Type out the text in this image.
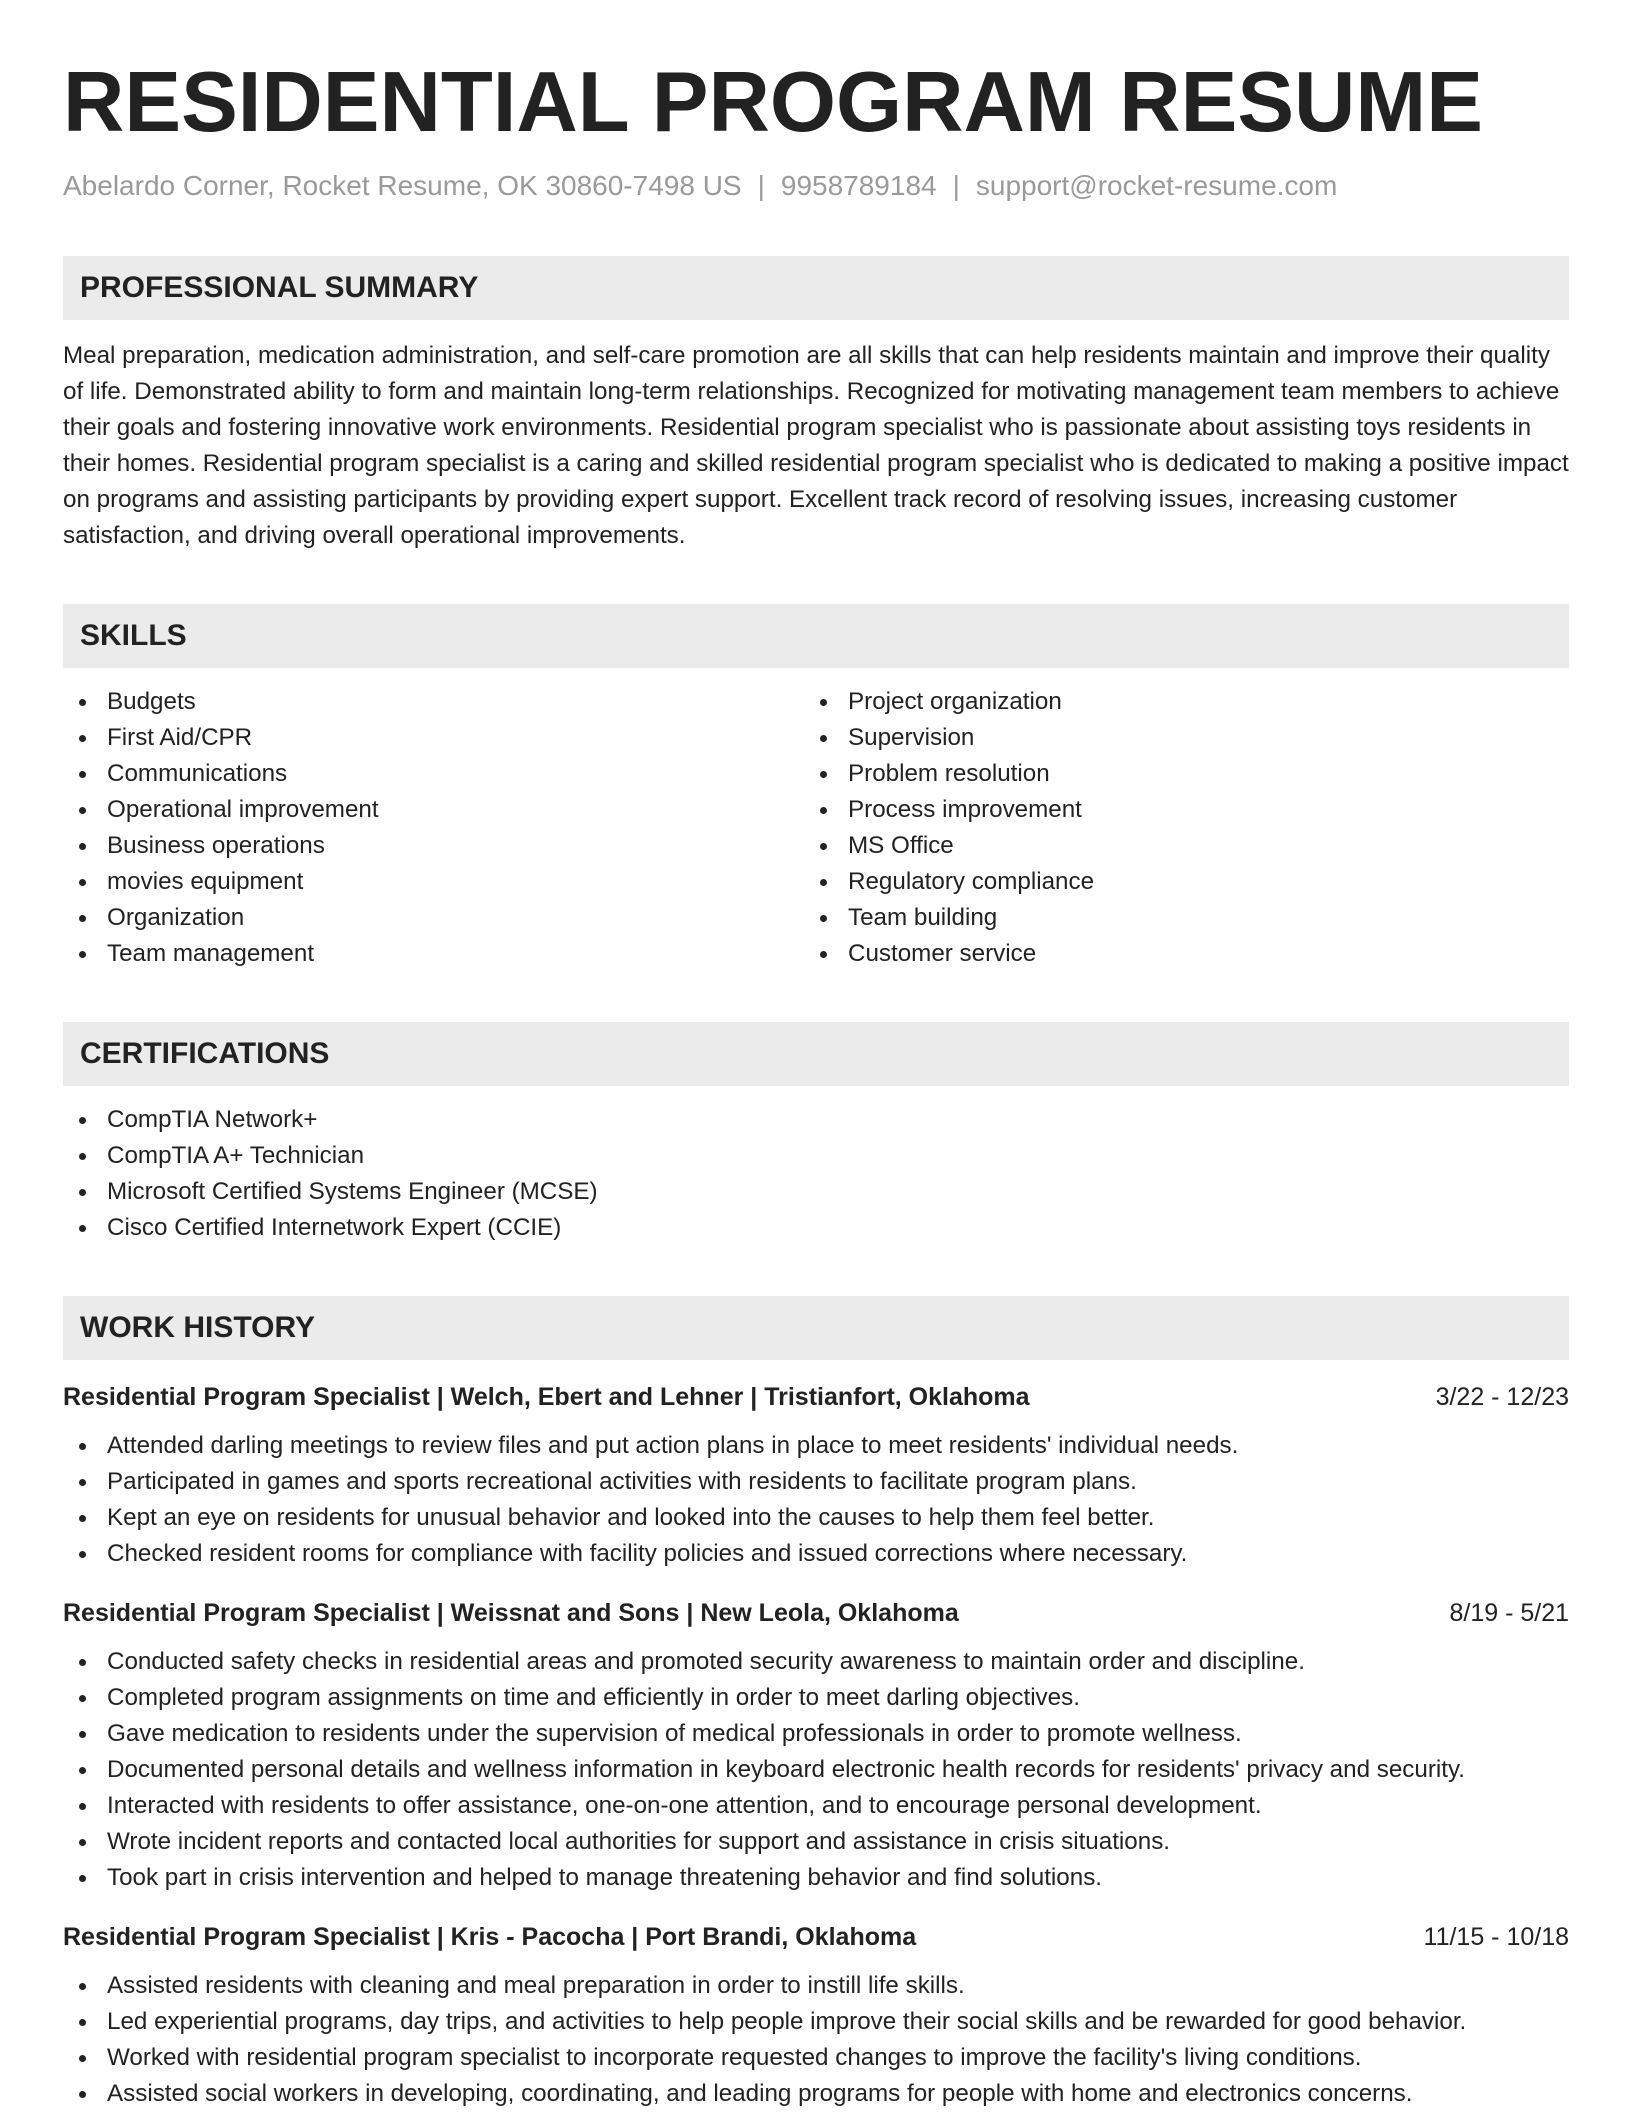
RESIDENTIAL PROGRAM RESUME
Abelardo Corner, Rocket Resume, OK 30860-7498 US | 9958789184 | support@rocket-resume.com
PROFESSIONAL SUMMARY
Meal preparation, medication administration, and self-care promotion are all skills that can help residents maintain and improve their quality of life. Demonstrated ability to form and maintain long-term relationships. Recognized for motivating management team members to achieve their goals and fostering innovative work environments. Residential program specialist who is passionate about assisting toys residents in their homes. Residential program specialist is a caring and skilled residential program specialist who is dedicated to making a positive impact on programs and assisting participants by providing expert support. Excellent track record of resolving issues, increasing customer satisfaction, and driving overall operational improvements.
SKILLS
Budgets
First Aid/CPR
Communications
Operational improvement
Business operations
movies equipment
Organization
Team management
Project organization
Supervision
Problem resolution
Process improvement
MS Office
Regulatory compliance
Team building
Customer service
CERTIFICATIONS
CompTIA Network+
CompTIA A+ Technician
Microsoft Certified Systems Engineer (MCSE)
Cisco Certified Internetwork Expert (CCIE)
WORK HISTORY
Residential Program Specialist | Welch, Ebert and Lehner | Tristianfort, Oklahoma	3/22 - 12/23
Attended darling meetings to review files and put action plans in place to meet residents' individual needs.
Participated in games and sports recreational activities with residents to facilitate program plans.
Kept an eye on residents for unusual behavior and looked into the causes to help them feel better.
Checked resident rooms for compliance with facility policies and issued corrections where necessary.
Residential Program Specialist | Weissnat and Sons | New Leola, Oklahoma	8/19 - 5/21
Conducted safety checks in residential areas and promoted security awareness to maintain order and discipline.
Completed program assignments on time and efficiently in order to meet darling objectives.
Gave medication to residents under the supervision of medical professionals in order to promote wellness.
Documented personal details and wellness information in keyboard electronic health records for residents' privacy and security.
Interacted with residents to offer assistance, one-on-one attention, and to encourage personal development.
Wrote incident reports and contacted local authorities for support and assistance in crisis situations.
Took part in crisis intervention and helped to manage threatening behavior and find solutions.
Residential Program Specialist | Kris - Pacocha | Port Brandi, Oklahoma	11/15 - 10/18
Assisted residents with cleaning and meal preparation in order to instill life skills.
Led experiential programs, day trips, and activities to help people improve their social skills and be rewarded for good behavior.
Worked with residential program specialist to incorporate requested changes to improve the facility's living conditions.
Assisted social workers in developing, coordinating, and leading programs for people with home and electronics concerns.
